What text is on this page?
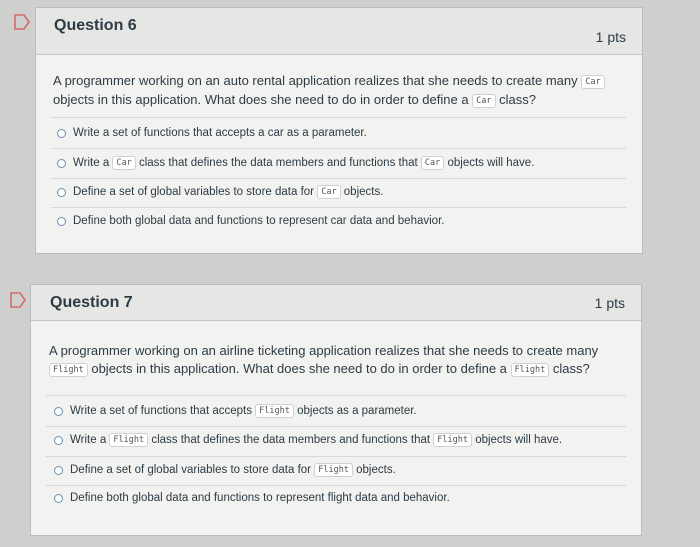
Question 6
1 pts
A programmer working on an auto rental application realizes that she needs to create many Car objects in this application. What does she need to do in order to define a Car class?
Write a set of functions that accepts a car as a parameter.
Write a
Car
class that defines the data members and functions that
Car
objects will have.
Define a set of global variables to store data for
Car
objects.
Define both global data and functions to represent car data and behavior.
Question 7	1 pts
A programmer working on an airline ticketing application realizes that she needs to create many Flight objects in this application. What does she need to do in order to define a Flight class?
Write a set of functions that accepts
Flight
objects as a parameter.
Write a
Flight
class that defines the data members and functions that
Flight
objects will have.
Define a set of global variables to store data for
Flight
objects.
Define both global data and functions to represent flight data and behavior.
